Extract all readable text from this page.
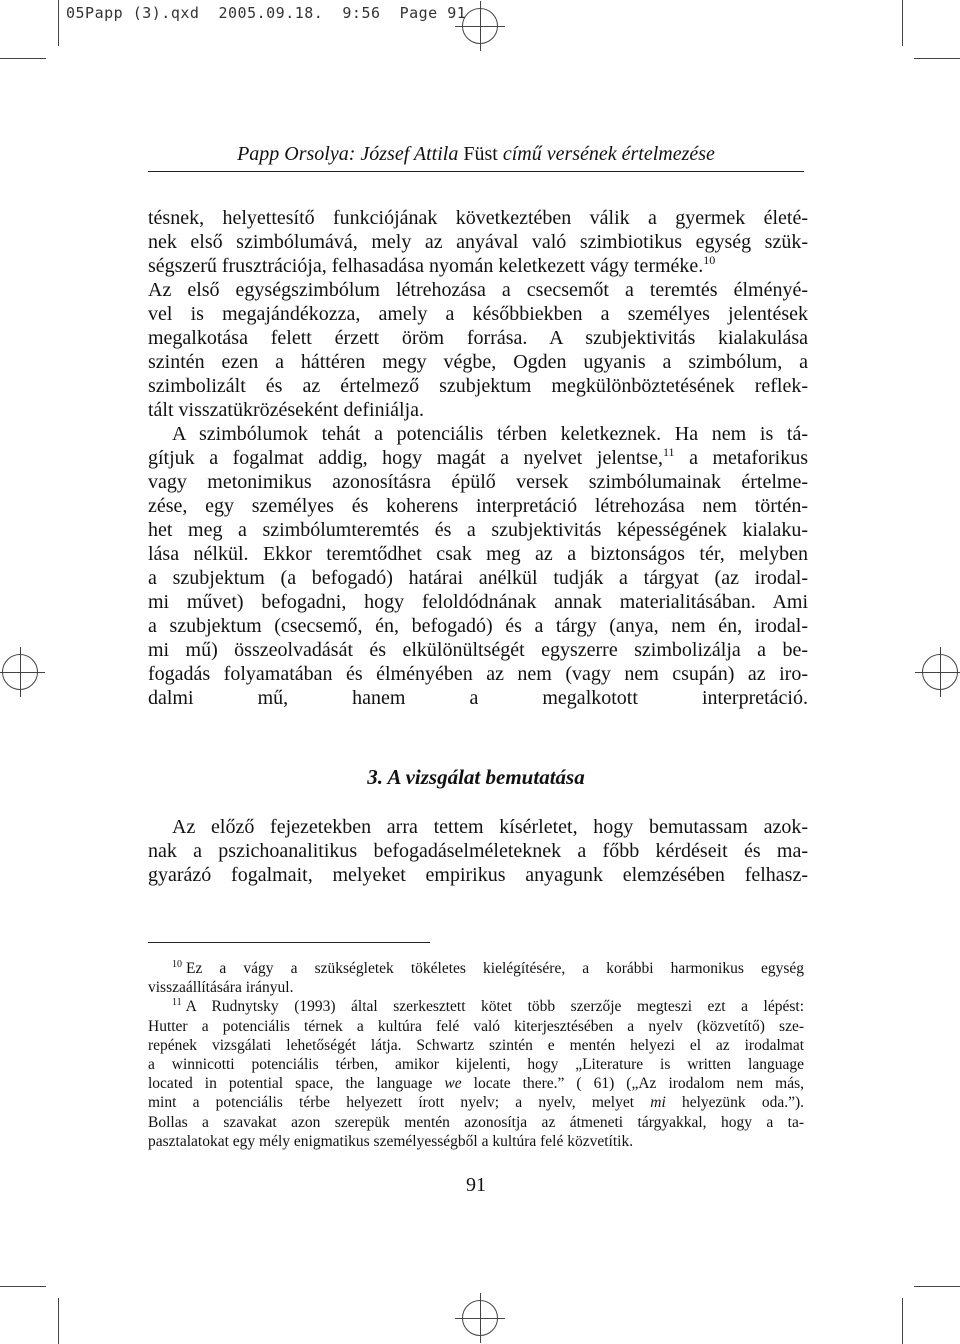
05Papp (3).qxd  2005.09.18.  9:56  Page 91
Papp Orsolya: József Attila Füst című versének értelmezése
tésnek, helyettesítő funkciójának következtében válik a gyermek életé-
nek első szimbólumává, mely az anyával való szimbiotikus egység szük-
ségszerű frusztrációja, felhasadása nyomán keletkezett vágy terméke.$^{10}$
Az első egységszimbólum létrehozása a csecsemőt a teremtés élményé-
vel is megajándékozza, amely a későbbiekben a személyes jelentések
megalkotása felett érzett öröm forrása. A szubjektivitás kialakulása
szintén ezen a háttéren megy végbe, Ogden ugyanis a szimbólum, a
szimbolizált és az értelmező szubjektum megkülönböztetésének reflek-
tált visszatükrözéseként definiálja.
A szimbólumok tehát a potenciális térben keletkeznek. Ha nem is tá-
gítjuk a fogalmat addig, hogy magát a nyelvet jelentse,$^{11}$ a metaforikus
vagy metonimikus azonosításra épülő versek szimbólumainak értelme-
zése, egy személyes és koherens interpretáció létrehozása nem történ-
het meg a szimbólumteremtés és a szubjektivitás képességének kialaku-
lása nélkül. Ekkor teremtődhet csak meg az a biztonságos tér, melyben
a szubjektum (a befogadó) határai anélkül tudják a tárgyat (az irodal-
mi művet) befogadni, hogy feloldódnának annak materialitásában. Ami
a szubjektum (csecsemő, én, befogadó) és a tárgy (anya, nem én, irodal-
mi mű) összeolvadását és elkülönültségét egyszerre szimbolizálja a be-
fogadás folyamatában és élményében az nem (vagy nem csupán) az iro-
dalmi mű, hanem a megalkotott interpretáció.
3. A vizsgálat bemutatása
Az előző fejezetekben arra tettem kísérletet, hogy bemutassam azok-
nak a pszichoanalitikus befogadáselméleteknek a főbb kérdéseit és ma-
gyarázó fogalmait, melyeket empirikus anyagunk elemzésében felhasz-
$^{10}$ Ez a vágy a szükségletek tökéletes kielégítésére, a korábbi harmonikus egység
visszaállítására irányul.
$^{11}$ A Rudnytsky (1993) által szerkesztett kötet több szerzője megteszi ezt a lépést:
Hutter a potenciális térnek a kultúra felé való kiterjesztésében a nyelv (közvetítő) sze-
repének vizsgálati lehetőségét látja. Schwartz szintén e mentén helyezi el az irodalmat
a winnicotti potenciális térben, amikor kijelenti, hogy „Literature is written language
located in potential space, the language we locate there.” ( 61) („Az irodalom nem más,
mint a potenciális térbe helyezett írott nyelv; a nyelv, melyet mi helyezünk oda.”).
Bollas a szavakat azon szerepük mentén azonosítja az átmeneti tárgyakkal, hogy a ta-
pasztalatokat egy mély enigmatikus személyességből a kultúra felé közvetítik.
91
